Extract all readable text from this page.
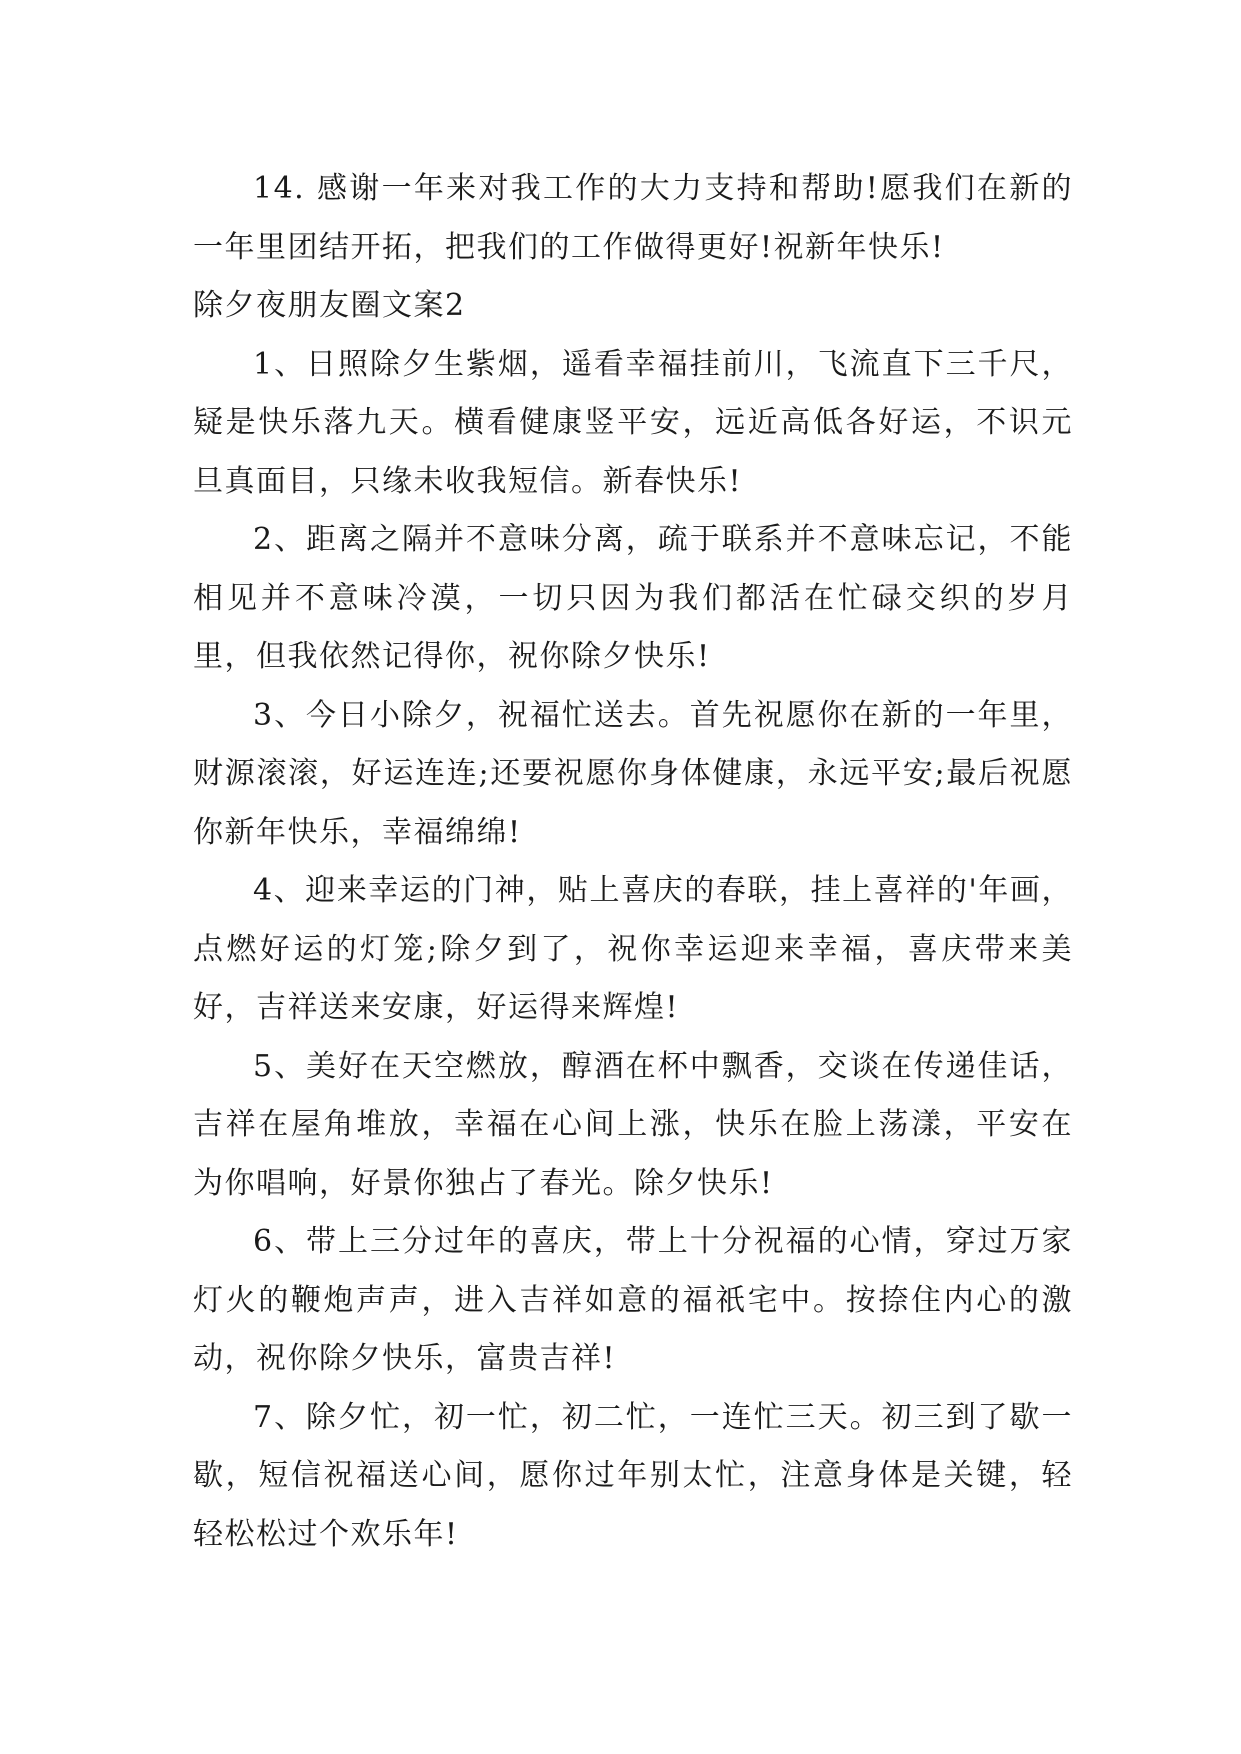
14. 感谢一年来对我工作的大力支持和帮助!愿我们在新的一年里团结开拓，把我们的工作做得更好!祝新年快乐!

除夕夜朋友圈文案2

1、日照除夕生紫烟，遥看幸福挂前川，飞流直下三千尺，疑是快乐落九天。横看健康竖平安，远近高低各好运，不识元旦真面目，只缘未收我短信。新春快乐!

2、距离之隔并不意味分离，疏于联系并不意味忘记，不能相见并不意味冷漠，一切只因为我们都活在忙碌交织的岁月里，但我依然记得你，祝你除夕快乐!

3、今日小除夕，祝福忙送去。首先祝愿你在新的一年里，财源滚滚，好运连连;还要祝愿你身体健康，永远平安;最后祝愿你新年快乐，幸福绵绵!

4、迎来幸运的门神，贴上喜庆的春联，挂上喜祥的'年画，点燃好运的灯笼;除夕到了，祝你幸运迎来幸福，喜庆带来美好，吉祥送来安康，好运得来辉煌!

5、美好在天空燃放，醇酒在杯中飘香，交谈在传递佳话，吉祥在屋角堆放，幸福在心间上涨，快乐在脸上荡漾，平安在为你唱响，好景你独占了春光。除夕快乐!

6、带上三分过年的喜庆，带上十分祝福的心情，穿过万家灯火的鞭炮声声，进入吉祥如意的福祇宅中。按捺住内心的激动，祝你除夕快乐，富贵吉祥!

7、除夕忙，初一忙，初二忙，一连忙三天。初三到了歇一歇，短信祝福送心间，愿你过年别太忙，注意身体是关键，轻轻松松过个欢乐年!
